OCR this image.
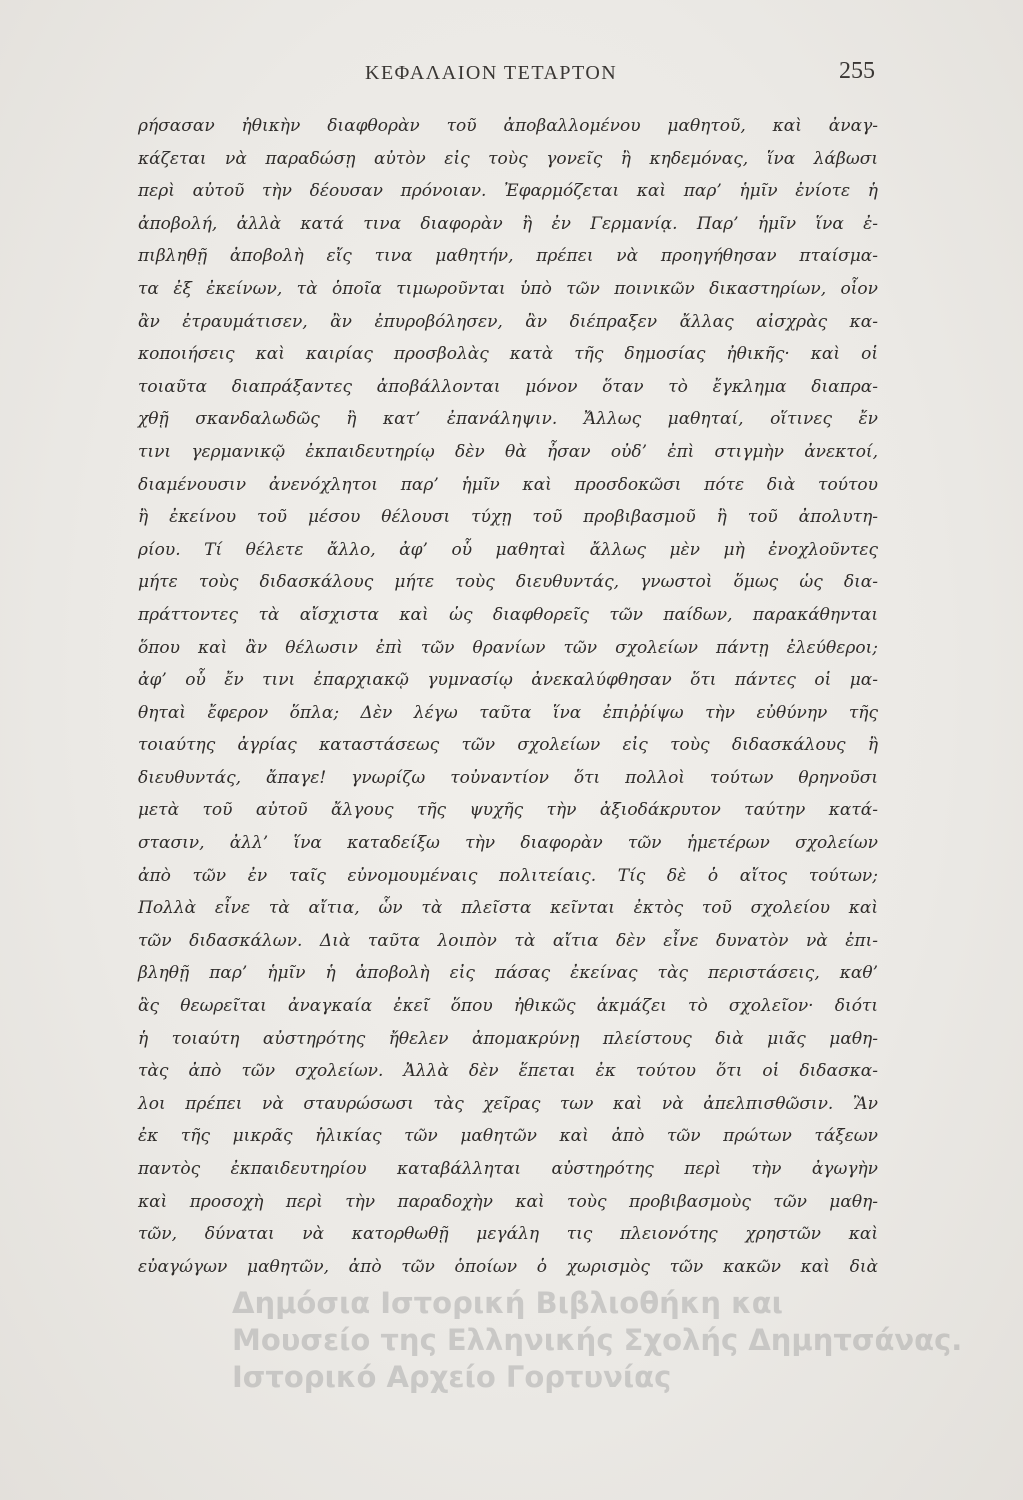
ΚΕΦΑΛΑΙΟΝ ΤΕΤΑΡΤΟΝ	255
ρήσασαν ἠθικὴν διαφθορὰν τοῦ ἀποβαλλομένου μαθητοῦ, καὶ ἀναγ-
κάζεται νὰ παραδώσῃ αὐτὸν εἰς τοὺς γονεῖς ἢ κηδεμόνας, ἵνα λάβωσι
περὶ αὐτοῦ τὴν δέουσαν πρόνοιαν. Ἐφαρμόζεται καὶ παρ’ ἡμῖν ἐνίοτε ἡ
ἀποβολή, ἀλλὰ κατά τινα διαφορὰν ἢ ἐν Γερμανίᾳ. Παρ’ ἡμῖν ἵνα ἐ-
πιβληθῇ ἀποβολὴ εἴς τινα μαθητήν, πρέπει νὰ προηγήθησαν πταίσμα-
τα ἐξ ἐκείνων, τὰ ὁποῖα τιμωροῦνται ὑπὸ τῶν ποινικῶν δικαστηρίων, οἷον
ἂν ἐτραυμάτισεν, ἂν ἐπυροβόλησεν, ἂν διέπραξεν ἄλλας αἰσχρὰς κα-
κοποιήσεις καὶ καιρίας προσβολὰς κατὰ τῆς δημοσίας ἠθικῆς· καὶ οἱ
τοιαῦτα διαπράξαντες ἀποβάλλονται μόνον ὅταν τὸ ἔγκλημα διαπρα-
χθῇ σκανδαλωδῶς ἢ κατ’ ἐπανάληψιν. Ἄλλως μαθηταί, οἵτινες ἔν
τινι γερμανικῷ ἐκπαιδευτηρίῳ δὲν θὰ ἦσαν οὐδ’ ἐπὶ στιγμὴν ἀνεκτοί,
διαμένουσιν ἀνενόχλητοι παρ’ ἡμῖν καὶ προσδοκῶσι πότε διὰ τούτου
ἢ ἐκείνου τοῦ μέσου θέλουσι τύχῃ τοῦ προβιβασμοῦ ἢ τοῦ ἀπολυτη-
ρίου. Τί θέλετε ἄλλο, ἀφ’ οὗ μαθηταὶ ἄλλως μὲν μὴ ἐνοχλοῦντες
μήτε τοὺς διδασκάλους μήτε τοὺς διευθυντάς, γνωστοὶ ὅμως ὡς δια-
πράττοντες τὰ αἴσχιστα καὶ ὡς διαφθορεῖς τῶν παίδων, παρακάθηνται
ὅπου καὶ ἂν θέλωσιν ἐπὶ τῶν θρανίων τῶν σχολείων πάντῃ ἐλεύθεροι;
ἀφ’ οὗ ἔν τινι ἐπαρχιακῷ γυμνασίῳ ἀνεκαλύφθησαν ὅτι πάντες οἱ μα-
θηταὶ ἔφερον ὅπλα; Δὲν λέγω ταῦτα ἵνα ἐπιῤῥίψω τὴν εὐθύνην τῆς
τοιαύτης ἀγρίας καταστάσεως τῶν σχολείων εἰς τοὺς διδασκάλους ἢ
διευθυντάς, ἄπαγε! γνωρίζω τοὐναντίον ὅτι πολλοὶ τούτων θρηνοῦσι
μετὰ τοῦ αὐτοῦ ἄλγους τῆς ψυχῆς τὴν ἀξιοδάκρυτον ταύτην κατά-
στασιν, ἀλλ’ ἵνα καταδείξω τὴν διαφορὰν τῶν ἡμετέρων σχολείων
ἀπὸ τῶν ἐν ταῖς εὐνομουμέναις πολιτείαις. Τίς δὲ ὁ αἴτος τούτων;
Πολλὰ εἶνε τὰ αἴτια, ὧν τὰ πλεῖστα κεῖνται ἐκτὸς τοῦ σχολείου καὶ
τῶν διδασκάλων. Διὰ ταῦτα λοιπὸν τὰ αἴτια δὲν εἶνε δυνατὸν νὰ ἐπι-
βληθῇ παρ’ ἡμῖν ἡ ἀποβολὴ εἰς πάσας ἐκείνας τὰς περιστάσεις, καθ’
ἃς θεωρεῖται ἀναγκαία ἐκεῖ ὅπου ἠθικῶς ἀκμάζει τὸ σχολεῖον· διότι
ἡ τοιαύτη αὐστηρότης ἤθελεν ἀπομακρύνῃ πλείστους διὰ μιᾶς μαθη-
τὰς ἀπὸ τῶν σχολείων. Ἀλλὰ δὲν ἕπεται ἐκ τούτου ὅτι οἱ διδασκα-
λοι πρέπει νὰ σταυρώσωσι τὰς χεῖρας των καὶ νὰ ἀπελπισθῶσιν. Ἂν
ἐκ τῆς μικρᾶς ἡλικίας τῶν μαθητῶν καὶ ἀπὸ τῶν πρώτων τάξεων
παντὸς ἐκπαιδευτηρίου καταβάλληται αὐστηρότης περὶ τὴν ἀγωγὴν
καὶ προσοχὴ περὶ τὴν παραδοχὴν καὶ τοὺς προβιβασμοὺς τῶν μαθη-
τῶν, δύναται νὰ κατορθωθῇ μεγάλη τις πλειονότης χρηστῶν καὶ
εὐαγώγων μαθητῶν, ἀπὸ τῶν ὁποίων ὁ χωρισμὸς τῶν κακῶν καὶ διὰ
Δημόσια Ιστορική Βιβλιοθήκη και
Μουσείο της Ελληνικής Σχολής Δημητσάνας.
Ιστορικό Αρχείο Γορτυνίας
